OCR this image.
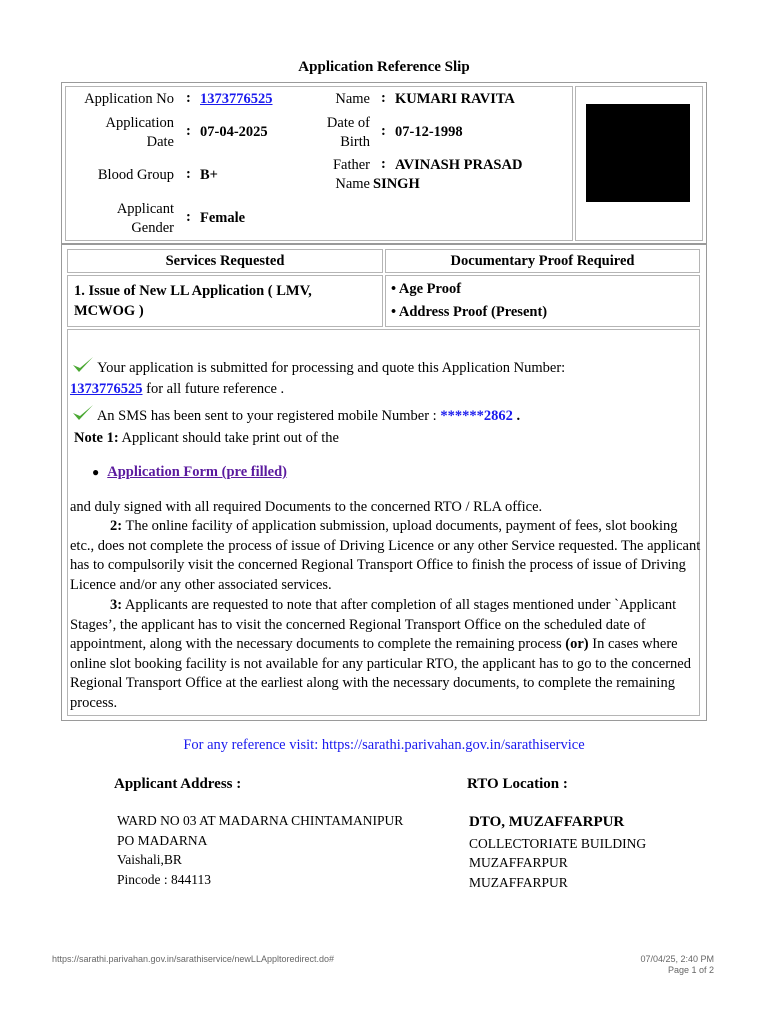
Application Reference Slip
Application No : 1373776525
Application
Date
: 07-04-2025
Blood Group : B+
Applicant
Gender
: Female
Name : KUMARI RAVITA
Date of
Birth
: 07-12-1998
Father : AVINASH PRASAD
Name SINGH
Services Requested	Documentary Proof Required
1. Issue of New LL Application ( LMV,
MCWOG )
• Age Proof
• Address Proof (Present)
Your application is submitted for processing and quote this Application Number:
1373776525 for all future reference .
An SMS has been sent to your registered mobile Number : ******2862 .
Note 1: Applicant should take print out of the
● Application Form (pre filled)
and duly signed with all required Documents to the concerned RTO / RLA office.
2: The online facility of application submission, upload documents, payment of fees, slot booking etc., does not complete the process of issue of Driving Licence or any other Service requested. The applicant has to compulsorily visit the concerned Regional Transport Office to finish the process of issue of Driving Licence and/or any other associated services.
3: Applicants are requested to note that after completion of all stages mentioned under `Applicant Stages’, the applicant has to visit the concerned Regional Transport Office on the scheduled date of appointment, along with the necessary documents to complete the remaining process (or) In cases where online slot booking facility is not available for any particular RTO, the applicant has to go to the concerned Regional Transport Office at the earliest along with the necessary documents, to complete the remaining process.
For any reference visit: https://sarathi.parivahan.gov.in/sarathiservice
Applicant Address :
WARD NO 03 AT MADARNA CHINTAMANIPUR
PO MADARNA
Vaishali,BR
Pincode : 844113
RTO Location :
DTO, MUZAFFARPUR
COLLECTORIATE BUILDING
MUZAFFARPUR
MUZAFFARPUR
https://sarathi.parivahan.gov.in/sarathiservice/newLLAppltoredirect.do#	07/04/25, 2:40 PM
Page 1 of 2
